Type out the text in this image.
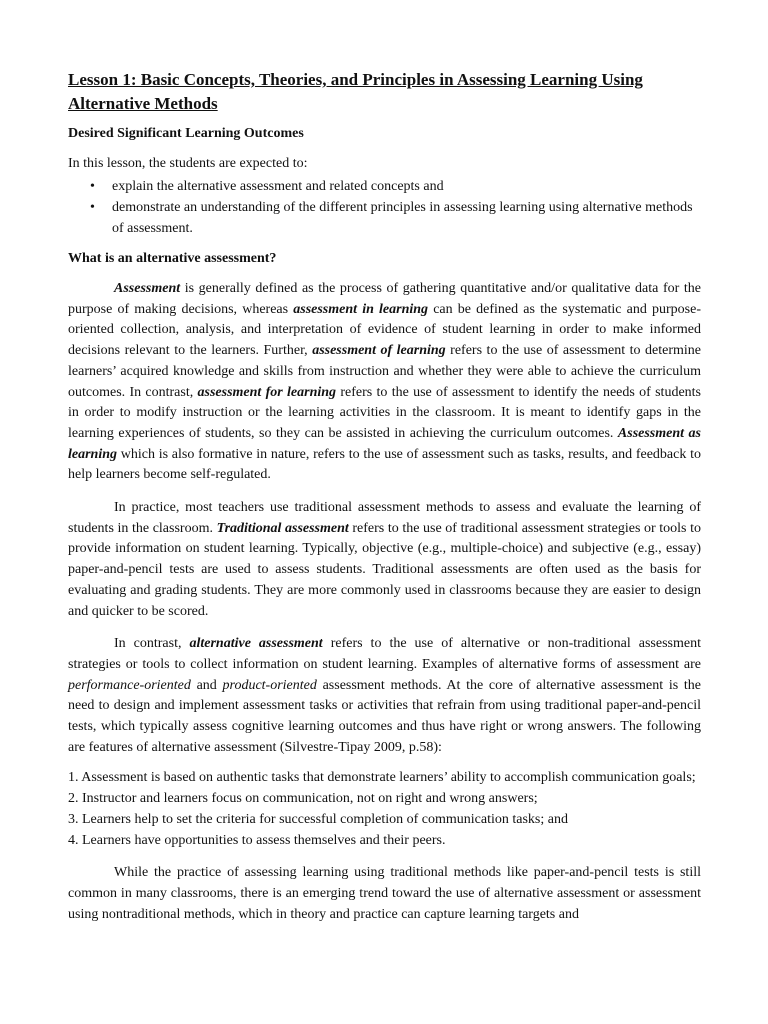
Lesson 1: Basic Concepts, Theories, and Principles in Assessing Learning Using Alternative Methods
Desired Significant Learning Outcomes
In this lesson, the students are expected to:
• explain the alternative assessment and related concepts and
• demonstrate an understanding of the different principles in assessing learning using alternative methods of assessment.
What is an alternative assessment?

Assessment is generally defined as the process of gathering quantitative and/or qualitative data for the purpose of making decisions, whereas assessment in learning can be defined as the systematic and purpose-oriented collection, analysis, and interpretation of evidence of student learning in order to make informed decisions relevant to the learners. Further, assessment of learning refers to the use of assessment to determine learners’ acquired knowledge and skills from instruction and whether they were able to achieve the curriculum outcomes. In contrast, assessment for learning refers to the use of assessment to identify the needs of students in order to modify instruction or the learning activities in the classroom. It is meant to identify gaps in the learning experiences of students, so they can be assisted in achieving the curriculum outcomes. Assessment as learning which is also formative in nature, refers to the use of assessment such as tasks, results, and feedback to help learners become self-regulated.

In practice, most teachers use traditional assessment methods to assess and evaluate the learning of students in the classroom. Traditional assessment refers to the use of traditional assessment strategies or tools to provide information on student learning. Typically, objective (e.g., multiple-choice) and subjective (e.g., essay) paper-and-pencil tests are used to assess students. Traditional assessments are often used as the basis for evaluating and grading students. They are more commonly used in classrooms because they are easier to design and quicker to be scored.

In contrast, alternative assessment refers to the use of alternative or non-traditional assessment strategies or tools to collect information on student learning. Examples of alternative forms of assessment are performance-oriented and product-oriented assessment methods. At the core of alternative assessment is the need to design and implement assessment tasks or activities that refrain from using traditional paper-and-pencil tests, which typically assess cognitive learning outcomes and thus have right or wrong answers. The following are features of alternative assessment (Silvestre-Tipay 2009, p.58):

1. Assessment is based on authentic tasks that demonstrate learners’ ability to accomplish communication goals;
2. Instructor and learners focus on communication, not on right and wrong answers;
3. Learners help to set the criteria for successful completion of communication tasks; and
4. Learners have opportunities to assess themselves and their peers.

While the practice of assessing learning using traditional methods like paper-and-pencil tests is still common in many classrooms, there is an emerging trend toward the use of alternative assessment or assessment using nontraditional methods, which in theory and practice can capture learning targets and
